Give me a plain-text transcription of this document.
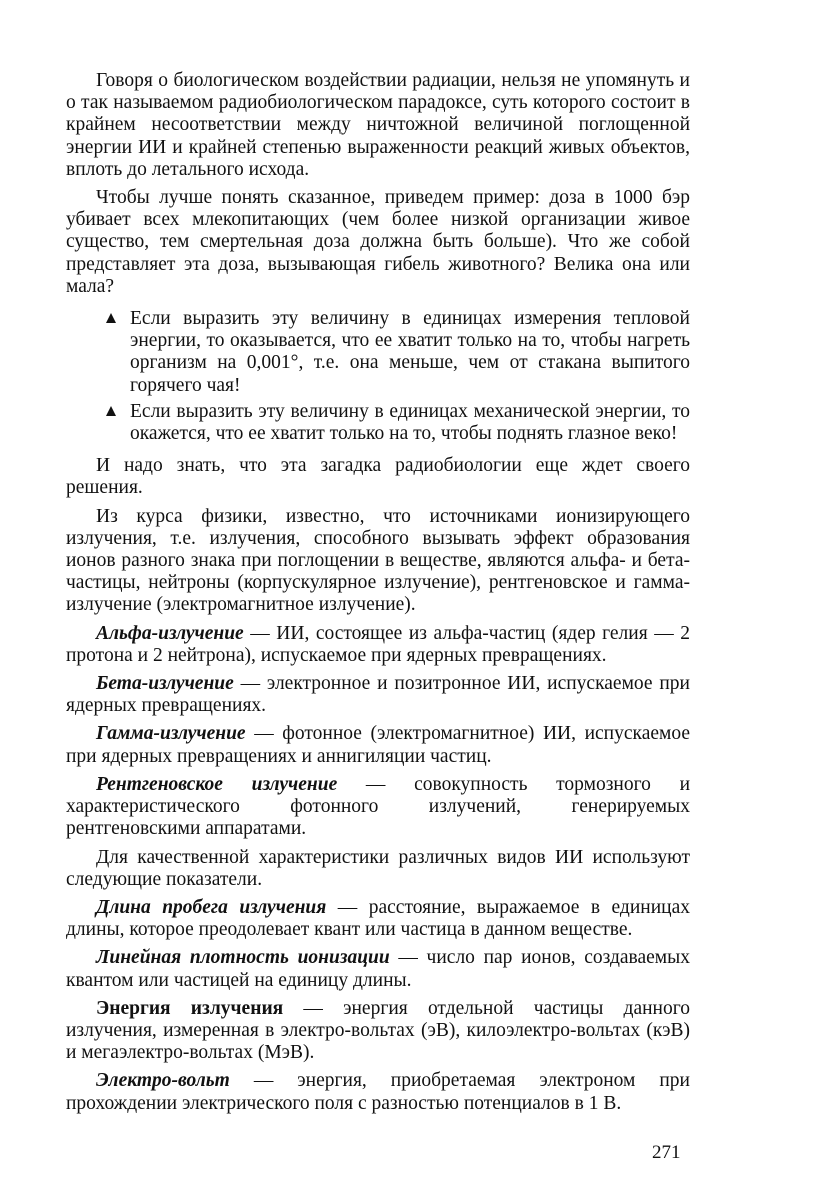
Говоря о биологическом воздействии радиации, нельзя не упомянуть и о так называемом радиобиологическом парадоксе, суть которого состоит в крайнем несоответствии между ничтожной величиной поглощенной энергии ИИ и крайней степенью выраженности реакций живых объектов, вплоть до летального исхода.

Чтобы лучше понять сказанное, приведем пример: доза в 1000 бэр убивает всех млекопитающих (чем более низкой организации живое существо, тем смертельная доза должна быть больше). Что же собой представляет эта доза, вызывающая гибель животного? Велика она или мала?

Если выразить эту величину в единицах измерения тепловой энергии, то оказывается, что ее хватит только на то, чтобы нагреть организм на 0,001°, т.е. она меньше, чем от стакана выпитого горячего чая!
Если выразить эту величину в единицах механической энергии, то окажется, что ее хватит только на то, чтобы поднять глазное веко!

И надо знать, что эта загадка радиобиологии еще ждет своего решения.

Из курса физики, известно, что источниками ионизирующего излучения, т.е. излучения, способного вызывать эффект образования ионов разного знака при поглощении в веществе, являются альфа- и бета-частицы, нейтроны (корпускулярное излучение), рентгеновское и гамма-излучение (электромагнитное излучение).

Альфа-излучение — ИИ, состоящее из альфа-частиц (ядер гелия — 2 протона и 2 нейтрона), испускаемое при ядерных превращениях.

Бета-излучение — электронное и позитронное ИИ, испускаемое при ядерных превращениях.

Гамма-излучение — фотонное (электромагнитное) ИИ, испускаемое при ядерных превращениях и аннигиляции частиц.

Рентгеновское излучение — совокупность тормозного и характеристического фотонного излучений, генерируемых рентгеновскими аппаратами.

Для качественной характеристики различных видов ИИ используют следующие показатели.

Длина пробега излучения — расстояние, выражаемое в единицах длины, которое преодолевает квант или частица в данном веществе.

Линейная плотность ионизации — число пар ионов, создаваемых квантом или частицей на единицу длины.

Энергия излучения — энергия отдельной частицы данного излучения, измеренная в электро-вольтах (эВ), килоэлектро-вольтах (кэВ) и мегаэлектро-вольтах (МэВ).

Электро-вольт — энергия, приобретаемая электроном при прохождении электрического поля с разностью потенциалов в 1 В.

271
